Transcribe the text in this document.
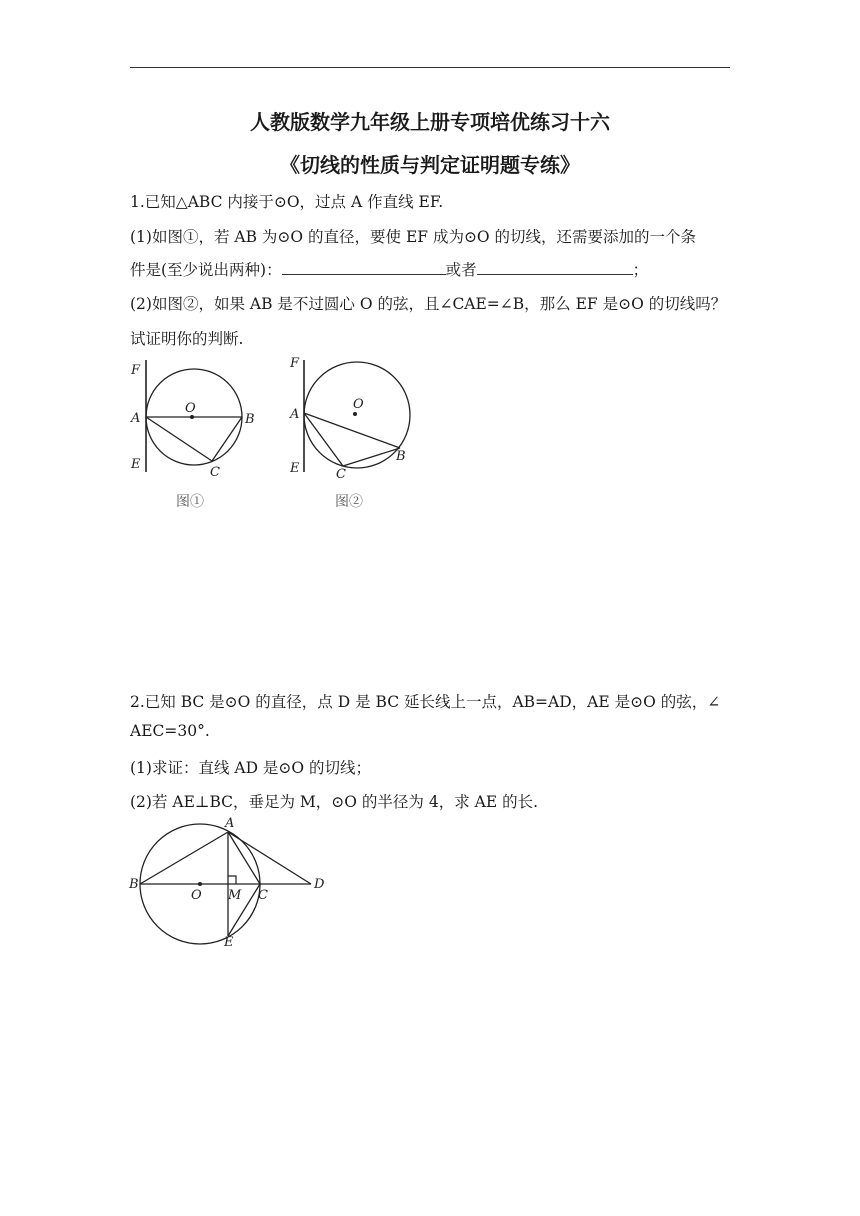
人教版数学九年级上册专项培优练习十六
《切线的性质与判定证明题专练》
1.已知△ABC 内接于⊙O，过点 A 作直线 EF.
(1)如图①，若 AB 为⊙O 的直径，要使 EF 成为⊙O 的切线，还需要添加的一个条
件是(至少说出两种)：	或者	；
(2)如图②，如果 AB 是不过圆心 O 的弦，且∠CAE=∠B，那么 EF 是⊙O 的切线吗？
试证明你的判断.
F
A
E
O
B
C
图①
F
A
E
O
B
C
图②
2.已知 BC 是⊙O 的直径，点 D 是 BC 延长线上一点，AB=AD，AE 是⊙O 的弦，∠
AEC=30°.
(1)求证：直线 AD 是⊙O 的切线；
(2)若 AE⊥BC，垂足为 M，⊙O 的半径为 4，求 AE 的长.
A
B
O M C
D
E
